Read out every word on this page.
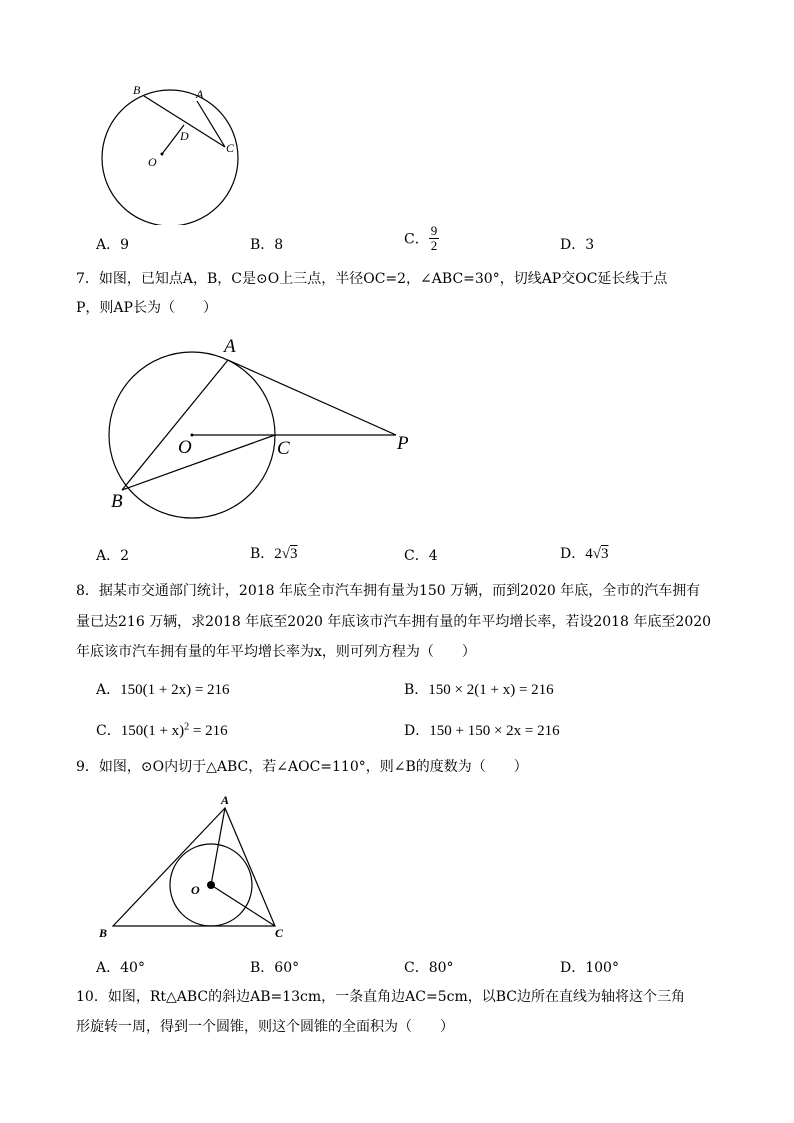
B	A
D
O
C
A．9	B．8	C． $\frac{9}{2}$	D．3
7．如图，已知点A，B，C是⊙O上三点，半径OC=2，∠ABC=30°，切线AP交OC延长线于点
P，则AP长为（　　）
A
O	C	P
B
A．2	B．2√3	C．4	D．4√3
8．据某市交通部门统计，2018 年底全市汽车拥有量为150 万辆，而到2020 年底，全市的汽车拥有
量已达216 万辆，求2018 年底至2020 年底该市汽车拥有量的年平均增长率，若设2018 年底至2020
年底该市汽车拥有量的年平均增长率为x，则可列方程为（　　）
A．150(1 + 2x) = 216	B．150 × 2(1 + x) = 216
C．$150(1 + x)^2 = 216$	D．150 + 150 × 2x = 216
9．如图，⊙O内切于△ABC，若∠AOC=110°，则∠B的度数为（　　）
A
O
B	C
A．40°	B．60°	C．80°	D．100°
10．如图，Rt△ABC的斜边AB=13cm，一条直角边AC=5cm，以BC边所在直线为轴将这个三角
形旋转一周，得到一个圆锥，则这个圆锥的全面积为（　　）
